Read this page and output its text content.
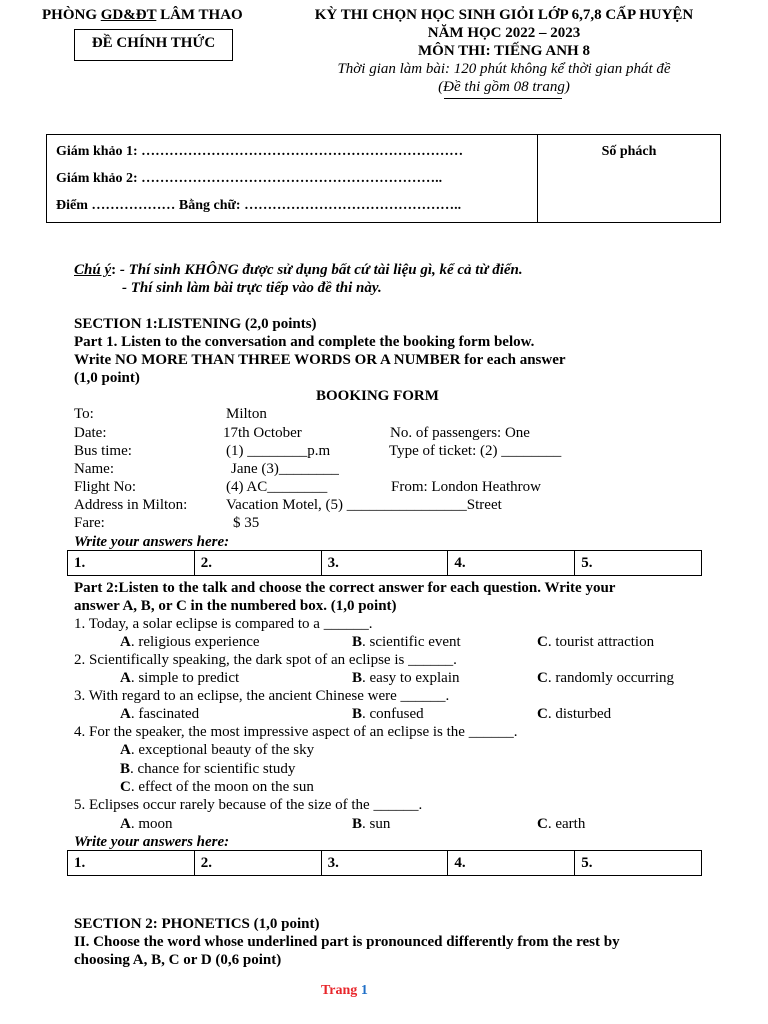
PHÒNG GD&ĐT LÂM THAO
ĐỀ CHÍNH THỨC
KỲ THI CHỌN HỌC SINH GIỎI LỚP 6,7,8 CẤP HUYỆN
NĂM HỌC 2022 – 2023
MÔN THI: TIẾNG ANH 8
Thời gian làm bài: 120 phút không kể thời gian phát đề
(Đề thi gồm 08 trang)
Giám khảo 1: ……………………………………………………………
Giám khảo 2: ………………………………………………………..
Điểm ……………… Bằng chữ: ………………………………………..
Số phách
Chú ý: - Thí sinh KHÔNG được sử dụng bất cứ tài liệu gì, kể cả từ điển.
- Thí sinh làm bài trực tiếp vào đề thi này.
SECTION 1:LISTENING (2,0 points)
Part 1. Listen to the conversation and complete the booking form below.
Write NO MORE THAN THREE WORDS OR A NUMBER for each answer
(1,0 point)
BOOKING FORM
To:	Milton
Date:	17th October	No. of passengers: One
Bus time:	(1) ________p.m	Type of ticket: (2) ________
Name:	Jane (3)________
Flight No:	(4) AC________	From: London Heathrow
Address in Milton:	Vacation Motel, (5) ________________Street
Fare:	$ 35
Write your answers here:
1.	2.	3.	4.	5.
Part 2:Listen to the talk and choose the correct answer for each question. Write your
answer A, B, or C in the numbered box. (1,0 point)
1. Today, a solar eclipse is compared to a ______.
A. religious experience	B. scientific event	C. tourist attraction
2. Scientifically speaking, the dark spot of an eclipse is ______.
A. simple to predict	B. easy to explain	C. randomly occurring
3. With regard to an eclipse, the ancient Chinese were ______.
A. fascinated	B. confused	C. disturbed
4. For the speaker, the most impressive aspect of an eclipse is the ______.
A. exceptional beauty of the sky
B. chance for scientific study
C. effect of the moon on the sun
5. Eclipses occur rarely because of the size of the ______.
A. moon	B. sun	C. earth
Write your answers here:
1.	2.	3.	4.	5.
SECTION 2: PHONETICS (1,0 point)
II. Choose the word whose underlined part is pronounced differently from the rest by
choosing A, B, C or D (0,6 point)
Trang 1
